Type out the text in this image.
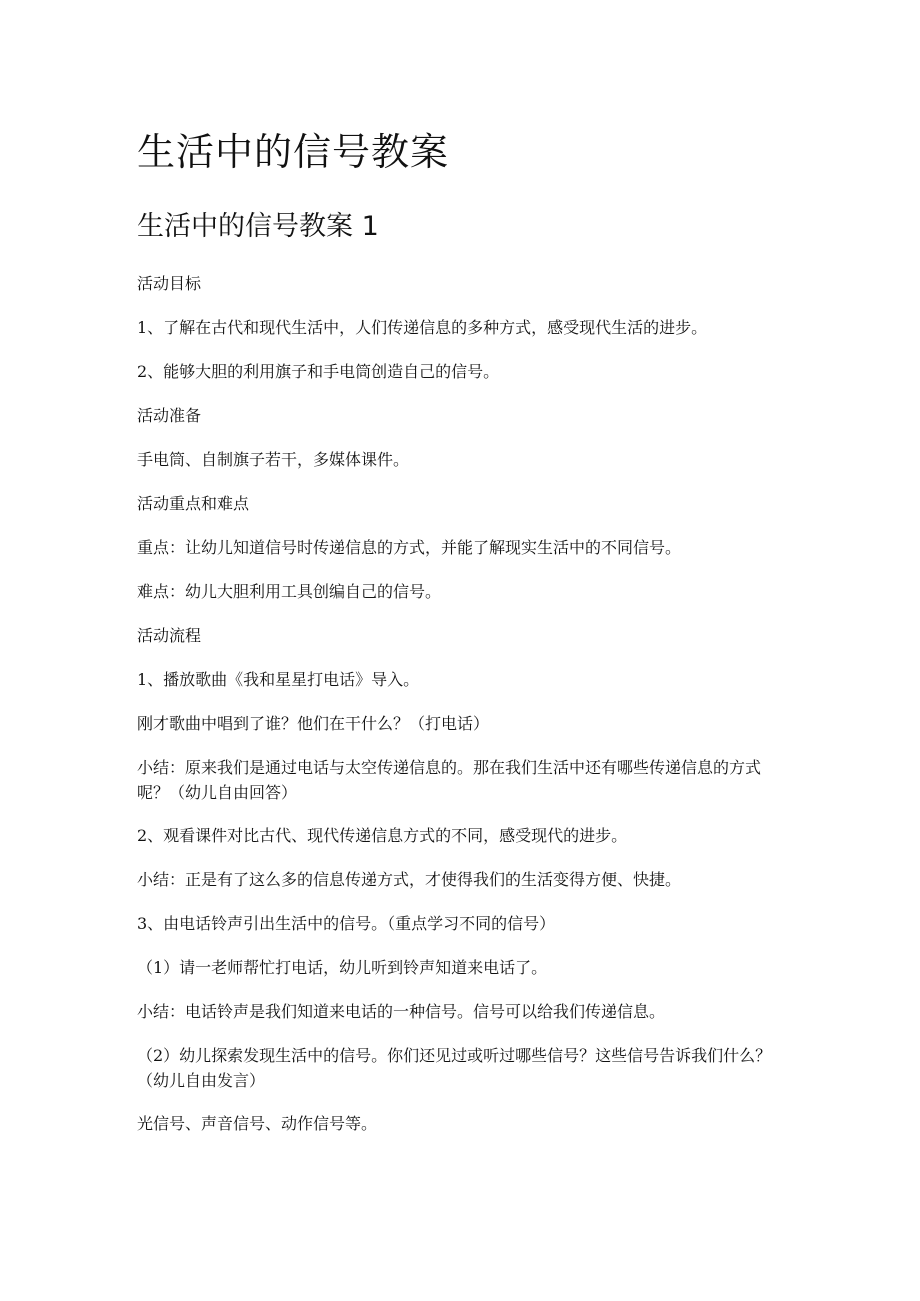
生活中的信号教案
生活中的信号教案 1

活动目标

1、了解在古代和现代生活中，人们传递信息的多种方式，感受现代生活的进步。

2、能够大胆的利用旗子和手电筒创造自己的信号。

活动准备

手电筒、自制旗子若干，多媒体课件。

活动重点和难点

重点：让幼儿知道信号时传递信息的方式，并能了解现实生活中的不同信号。

难点：幼儿大胆利用工具创编自己的信号。

活动流程

1、播放歌曲《我和星星打电话》导入。

刚才歌曲中唱到了谁？他们在干什么？（打电话）

小结：原来我们是通过电话与太空传递信息的。那在我们生活中还有哪些传递信息的方式呢？（幼儿自由回答）

2、观看课件对比古代、现代传递信息方式的不同，感受现代的进步。

小结：正是有了这么多的信息传递方式，才使得我们的生活变得方便、快捷。

3、由电话铃声引出生活中的信号。（重点学习不同的信号）

（1）请一老师帮忙打电话，幼儿听到铃声知道来电话了。

小结：电话铃声是我们知道来电话的一种信号。信号可以给我们传递信息。

（2）幼儿探索发现生活中的信号。你们还见过或听过哪些信号？这些信号告诉我们什么？（幼儿自由发言）

光信号、声音信号、动作信号等。
